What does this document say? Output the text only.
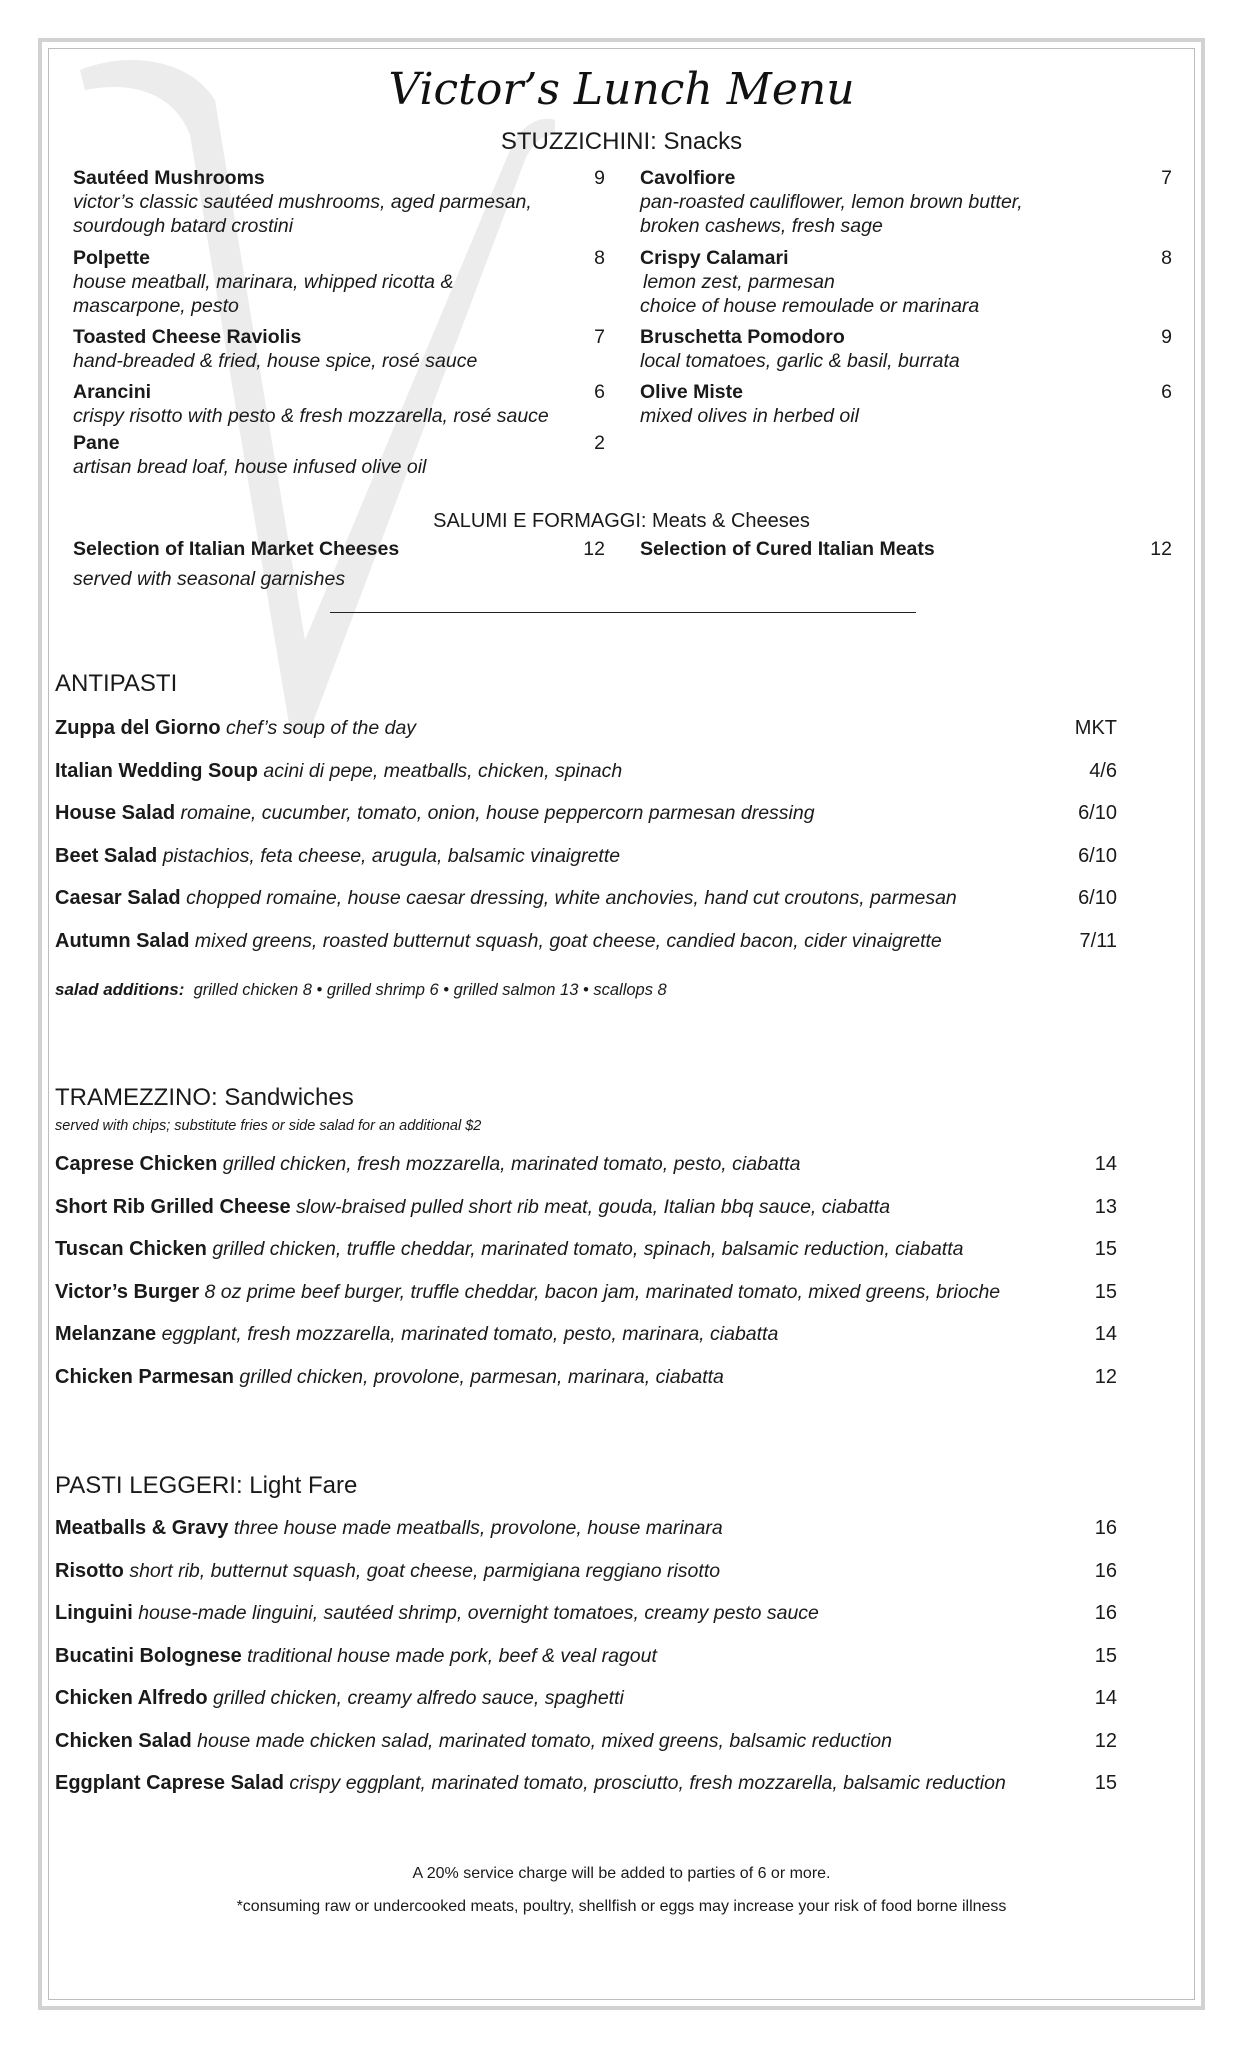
Victor’s Lunch Menu
STUZZICHINI: Snacks
Sautéed Mushrooms	9
victor’s classic sautéed mushrooms, aged parmesan,
sourdough batard crostini
Polpette	8
house meatball, marinara, whipped ricotta &
mascarpone, pesto
Toasted Cheese Raviolis	7
hand-breaded & fried, house spice, rosé sauce
Arancini	6
crispy risotto with pesto & fresh mozzarella, rosé sauce
Pane	2
artisan bread loaf, house infused olive oil
Cavolfiore	7
pan-roasted cauliflower, lemon brown butter,
broken cashews, fresh sage
Crispy Calamari	8
lemon zest, parmesan
choice of house remoulade or marinara
Bruschetta Pomodoro	9
local tomatoes, garlic & basil, burrata
Olive Miste	6
mixed olives in herbed oil
SALUMI E FORMAGGI: Meats & Cheeses
Selection of Italian Market Cheeses	12
served with seasonal garnishes
Selection of Cured Italian Meats	12
ANTIPASTI
Zuppa del Giorno chef’s soup of the day	MKT
Italian Wedding Soup acini di pepe, meatballs, chicken, spinach	4/6
House Salad romaine, cucumber, tomato, onion, house peppercorn parmesan dressing	6/10
Beet Salad pistachios, feta cheese, arugula, balsamic vinaigrette	6/10
Caesar Salad chopped romaine, house caesar dressing, white anchovies, hand cut croutons, parmesan	6/10
Autumn Salad mixed greens, roasted butternut squash, goat cheese, candied bacon, cider vinaigrette	7/11
salad additions: grilled chicken 8 • grilled shrimp 6 • grilled salmon 13 • scallops 8
TRAMEZZINO: Sandwiches
served with chips; substitute fries or side salad for an additional $2
Caprese Chicken grilled chicken, fresh mozzarella, marinated tomato, pesto, ciabatta	14
Short Rib Grilled Cheese slow-braised pulled short rib meat, gouda, Italian bbq sauce, ciabatta	13
Tuscan Chicken grilled chicken, truffle cheddar, marinated tomato, spinach, balsamic reduction, ciabatta	15
Victor’s Burger 8 oz prime beef burger, truffle cheddar, bacon jam, marinated tomato, mixed greens, brioche	15
Melanzane eggplant, fresh mozzarella, marinated tomato, pesto, marinara, ciabatta	14
Chicken Parmesan grilled chicken, provolone, parmesan, marinara, ciabatta	12
PASTI LEGGERI: Light Fare
Meatballs & Gravy three house made meatballs, provolone, house marinara	16
Risotto short rib, butternut squash, goat cheese, parmigiana reggiano risotto	16
Linguini house-made linguini, sautéed shrimp, overnight tomatoes, creamy pesto sauce	16
Bucatini Bolognese traditional house made pork, beef & veal ragout	15
Chicken Alfredo grilled chicken, creamy alfredo sauce, spaghetti	14
Chicken Salad house made chicken salad, marinated tomato, mixed greens, balsamic reduction	12
Eggplant Caprese Salad crispy eggplant, marinated tomato, prosciutto, fresh mozzarella, balsamic reduction	15
A 20% service charge will be added to parties of 6 or more.
*consuming raw or undercooked meats, poultry, shellfish or eggs may increase your risk of food borne illness
